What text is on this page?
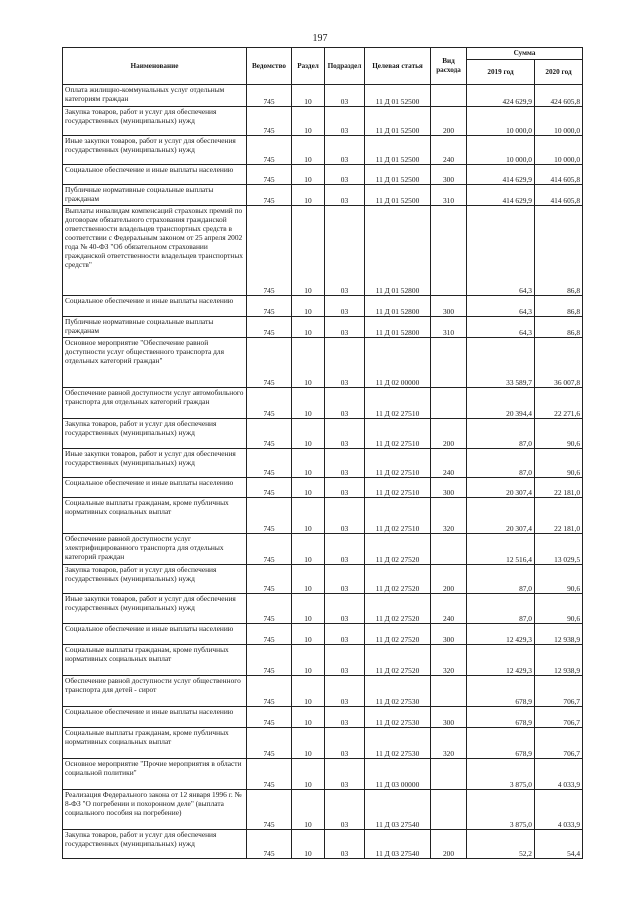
197
Наименование	Ведомство	Раздел	Подраздел	Целевая статья	Вид расхода	Сумма	
						2019 год	2020 год
Оплата жилищно-коммунальных услуг отдельным категориям граждан	745	10	03	11 Д 01 52500		424 629,9	424 605,8
Закупка товаров, работ и услуг для обеспечения государственных (муниципальных) нужд	745	10	03	11 Д 01 52500	200	10 000,0	10 000,0
Иные закупки товаров, работ и услуг для обеспечения государственных (муниципальных) нужд	745	10	03	11 Д 01 52500	240	10 000,0	10 000,0
Социальное обеспечение и иные выплаты населению	745	10	03	11 Д 01 52500	300	414 629,9	414 605,8
Публичные нормативные социальные выплаты гражданам	745	10	03	11 Д 01 52500	310	414 629,9	414 605,8
Выплаты инвалидам компенсаций страховых премий по договорам обязательного страхования гражданской ответственности владельцев транспортных средств в соответствии с Федеральным законом от 25 апреля 2002 года № 40-ФЗ "Об обязательном страховании гражданской ответственности владельцев транспортных средств"	745	10	03	11 Д 01 52800		64,3	86,8
Социальное обеспечение и иные выплаты населению	745	10	03	11 Д 01 52800	300	64,3	86,8
Публичные нормативные социальные выплаты гражданам	745	10	03	11 Д 01 52800	310	64,3	86,8
Основное мероприятие "Обеспечение равной доступности услуг общественного транспорта для отдельных категорий граждан"	745	10	03	11 Д 02 00000		33 589,7	36 007,8
Обеспечение равной доступности услуг автомобильного транспорта для отдельных категорий граждан	745	10	03	11 Д 02 27510		20 394,4	22 271,6
Закупка товаров, работ и услуг для обеспечения государственных (муниципальных) нужд	745	10	03	11 Д 02 27510	200	87,0	90,6
Иные закупки товаров, работ и услуг для обеспечения государственных (муниципальных) нужд	745	10	03	11 Д 02 27510	240	87,0	90,6
Социальное обеспечение и иные выплаты населению	745	10	03	11 Д 02 27510	300	20 307,4	22 181,0
Социальные выплаты гражданам, кроме публичных нормативных социальных выплат	745	10	03	11 Д 02 27510	320	20 307,4	22 181,0
Обеспечение равной доступности услуг электрифицированного транспорта для отдельных категорий граждан	745	10	03	11 Д 02 27520		12 516,4	13 029,5
Закупка товаров, работ и услуг для обеспечения государственных (муниципальных) нужд	745	10	03	11 Д 02 27520	200	87,0	90,6
Иные закупки товаров, работ и услуг для обеспечения государственных (муниципальных) нужд	745	10	03	11 Д 02 27520	240	87,0	90,6
Социальное обеспечение и иные выплаты населению	745	10	03	11 Д 02 27520	300	12 429,3	12 938,9
Социальные выплаты гражданам, кроме публичных нормативных социальных выплат	745	10	03	11 Д 02 27520	320	12 429,3	12 938,9
Обеспечение равной доступности услуг общественного транспорта для детей - сирот	745	10	03	11 Д 02 27530		678,9	706,7
Социальное обеспечение и иные выплаты населению	745	10	03	11 Д 02 27530	300	678,9	706,7
Социальные выплаты гражданам, кроме публичных нормативных социальных выплат	745	10	03	11 Д 02 27530	320	678,9	706,7
Основное мероприятие "Прочие мероприятия в области социальной политики"	745	10	03	11 Д 03 00000		3 875,0	4 033,9
Реализация Федерального закона от 12 января 1996 г. № 8-ФЗ "О погребении и похоронном деле" (выплата социального пособия на погребение)	745	10	03	11 Д 03 27540		3 875,0	4 033,9
Закупка товаров, работ и услуг для обеспечения государственных (муниципальных) нужд	745	10	03	11 Д 03 27540	200	52,2	54,4
